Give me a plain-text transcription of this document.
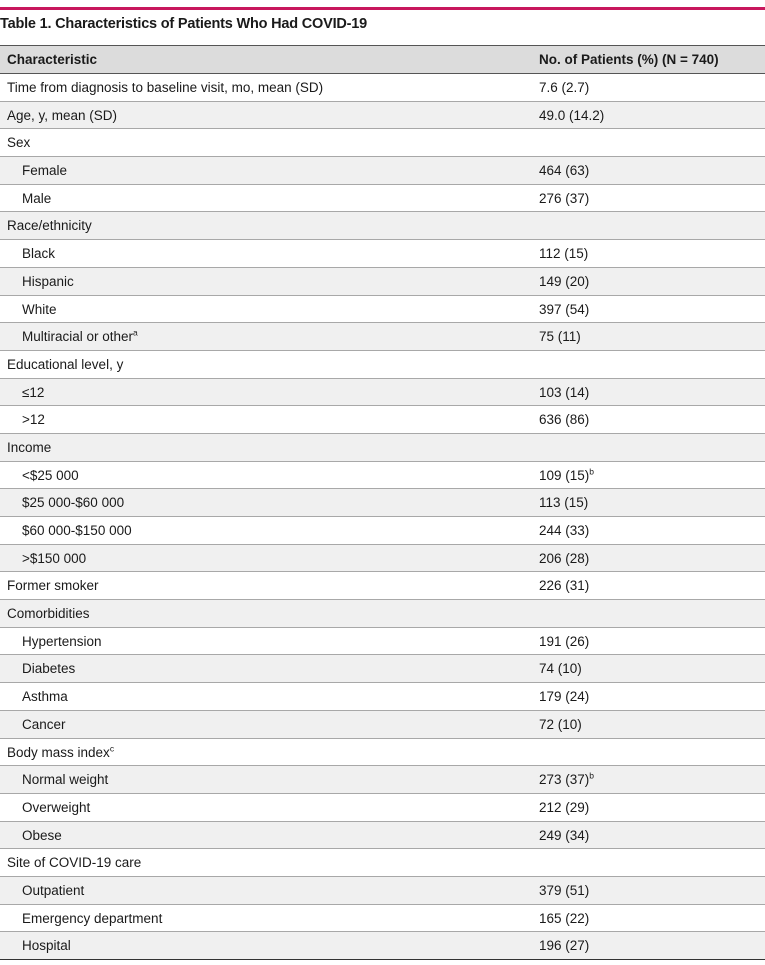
Table 1. Characteristics of Patients Who Had COVID-19
Characteristic	No. of Patients (%) (N = 740)
Time from diagnosis to baseline visit, mo, mean (SD)	7.6 (2.7)
Age, y, mean (SD)	49.0 (14.2)
Sex
Female	464 (63)
Male	276 (37)
Race/ethnicity
Black	112 (15)
Hispanic	149 (20)
White	397 (54)
Multiracial or other$^a$	75 (11)
Educational level, y
≤12	103 (14)
>12	636 (86)
Income
<$25 000	109 $(15)^b$
$25 000-$60 000	113 (15)
$60 000-$150 000	244 (33)
>$150 000	206 (28)
Former smoker	226 (31)
Comorbidities
Hypertension	191 (26)
Diabetes	74 (10)
Asthma	179 (24)
Cancer	72 (10)
Body mass index$^c$
Normal weight	273 $(37)^b$
Overweight	212 (29)
Obese	249 (34)
Site of COVID-19 care
Outpatient	379 (51)
Emergency department	165 (22)
Hospital	196 (27)
